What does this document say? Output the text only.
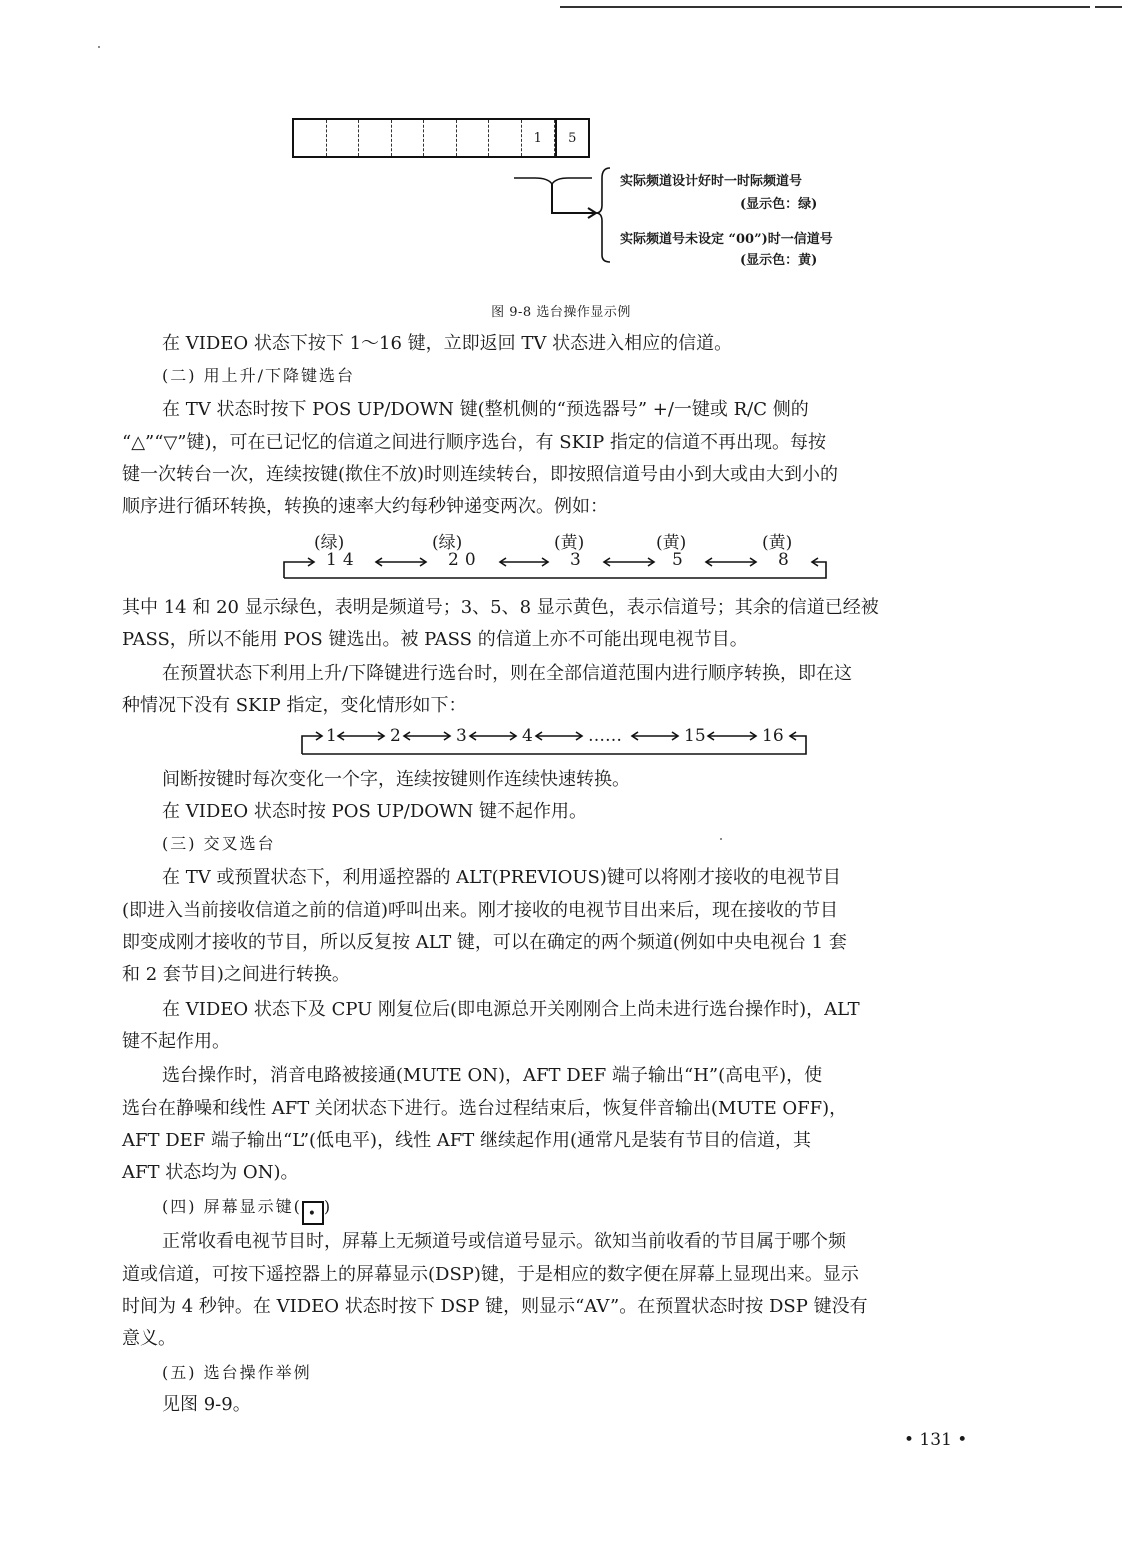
1	5
实际频道设计好时一时际频道号
(显示色：绿)
实际频道号未设定 “00”)时一信道号
(显示色：黄)
图 9-8 选台操作显示例
在 VIDEO 状态下按下 1～16 键，立即返回 TV 状态进入相应的信道。
(二) 用上升/下降键选台
在 TV 状态时按下 POS UP/DOWN 键(整机侧的“预选器号” +/一键或 R/C 侧的
“△”“▽”键)，可在已记忆的信道之间进行顺序选台，有 SKIP 指定的信道不再出现。每按
键一次转台一次，连续按键(揿住不放)时则连续转台，即按照信道号由小到大或由大到小的
顺序进行循环转换，转换的速率大约每秒钟递变两次。例如：
(绿)	(绿)	(黄)	(黄)	(黄)
14	20	3	5	8
其中 14 和 20 显示绿色，表明是频道号；3、5、8 显示黄色，表示信道号；其余的信道已经被
PASS，所以不能用 POS 键选出。被 PASS 的信道上亦不可能出现电视节目。
在预置状态下利用上升/下降键进行选台时，则在全部信道范围内进行顺序转换，即在这
种情况下没有 SKIP 指定，变化情形如下：
1	2	3	4	……	15	16
间断按键时每次变化一个字，连续按键则作连续快速转换。
在 VIDEO 状态时按 POS UP/DOWN 键不起作用。
(三) 交叉选台
在 TV 或预置状态下，利用遥控器的 ALT(PREVIOUS)键可以将刚才接收的电视节目
(即进入当前接收信道之前的信道)呼叫出来。刚才接收的电视节目出来后，现在接收的节目
即变成刚才接收的节目，所以反复按 ALT 键，可以在确定的两个频道(例如中央电视台 1 套
和 2 套节目)之间进行转换。
在 VIDEO 状态下及 CPU 刚复位后(即电源总开关刚刚合上尚未进行选台操作时)，ALT
键不起作用。
选台操作时，消音电路被接通(MUTE ON)，AFT DEF 端子输出“H”(高电平)，使
选台在静噪和线性 AFT 关闭状态下进行。选台过程结束后，恢复伴音输出(MUTE OFF)，
AFT DEF 端子输出“L”(低电平)，线性 AFT 继续起作用(通常凡是装有节目的信道，其
AFT 状态均为 ON)。
(四) 屏幕显示键( • )
正常收看电视节目时，屏幕上无频道号或信道号显示。欲知当前收看的节目属于哪个频
道或信道，可按下遥控器上的屏幕显示(DSP)键，于是相应的数字便在屏幕上显现出来。显示
时间为 4 秒钟。在 VIDEO 状态时按下 DSP 键，则显示“AV”。在预置状态时按 DSP 键没有
意义。
(五) 选台操作举例
见图 9-9。
• 131 •
